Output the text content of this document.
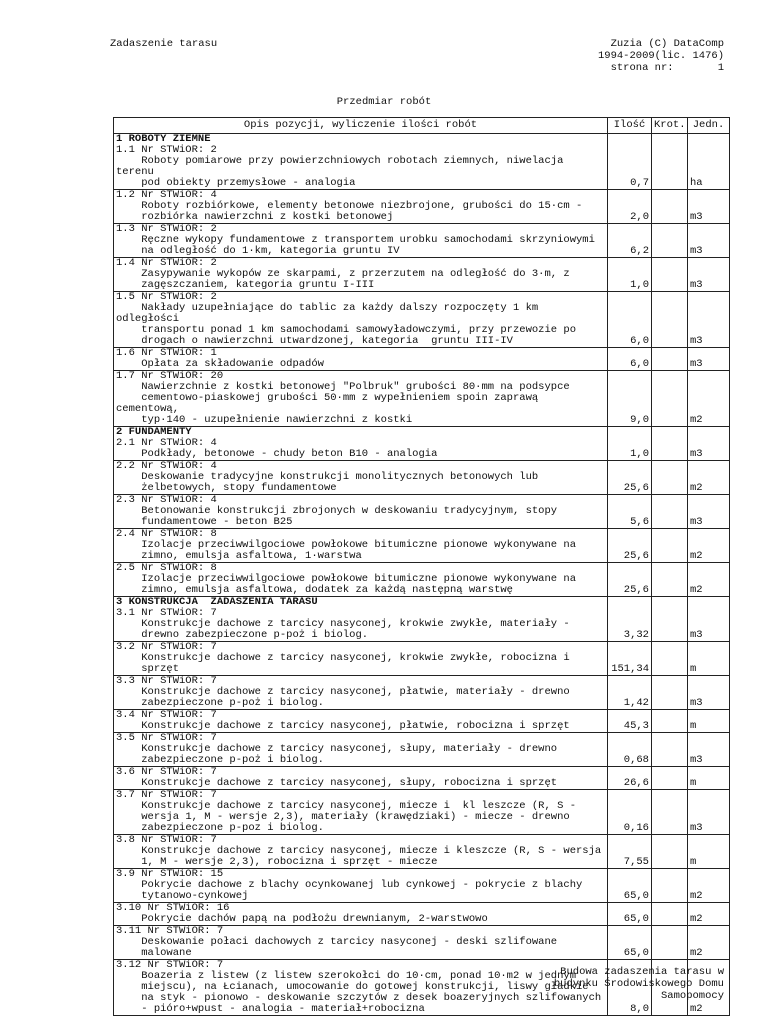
Zadaszenie tarasu	Zuzia (C) DataComp
1994-2009(lic. 1476)
strona nr:       1
Przedmiar robót
Opis pozycji, wyliczenie ilości robót	Ilość	Krot.	Jedn.
1 ROBOTY ZIEMNE			
1.1 Nr STWiOR: 2
Roboty pomiarowe przy powierzchniowych robotach ziemnych, niwelacja terenu
pod obiekty przemysłowe - analogia	0,7		ha
1.2 Nr STWiOR: 4
Roboty rozbiórkowe, elementy betonowe niezbrojone, grubości do 15·cm -
rozbiórka nawierzchni z kostki betonowej	2,0		m3
1.3 Nr STWiOR: 2
Ręczne wykopy fundamentowe z transportem urobku samochodami skrzyniowymi
na odległość do 1·km, kategoria gruntu IV	6,2		m3
1.4 Nr STWiOR: 2
Zasypywanie wykopów ze skarpami, z przerzutem na odległość do 3·m, z
zagęszczaniem, kategoria gruntu I-III	1,0		m3
1.5 Nr STWiOR: 2
Nakłady uzupełniające do tablic za każdy dalszy rozpoczęty 1 km odległości
transportu ponad 1 km samochodami samowyładowczymi, przy przewozie po
drogach o nawierzchni utwardzonej, kategoria  gruntu III-IV	6,0		m3
1.6 Nr STWiOR: 1
Opłata za składowanie odpadów	6,0		m3
1.7 Nr STWiOR: 20
Nawierzchnie z kostki betonowej "Polbruk" grubości 80·mm na podsypce
cementowo-piaskowej grubości 50·mm z wypełnieniem spoin zaprawą cementową,
typ·140 - uzupełnienie nawierzchni z kostki	9,0		m2
2 FUNDAMENTY			
2.1 Nr STWiOR: 4
Podkłady, betonowe - chudy beton B10 - analogia	1,0		m3
2.2 Nr STWiOR: 4
Deskowanie tradycyjne konstrukcji monolitycznych betonowych lub
żelbetowych, stopy fundamentowe	25,6		m2
2.3 Nr STWiOR: 4
Betonowanie konstrukcji zbrojonych w deskowaniu tradycyjnym, stopy
fundamentowe - beton B25	5,6		m3
2.4 Nr STWiOR: 8
Izolacje przeciwwilgociowe powłokowe bitumiczne pionowe wykonywane na
zimno, emulsja asfaltowa, 1·warstwa	25,6		m2
2.5 Nr STWiOR: 8
Izolacje przeciwwilgociowe powłokowe bitumiczne pionowe wykonywane na
zimno, emulsja asfaltowa, dodatek za każdą następną warstwę	25,6		m2
3 KONSTRUKCJA  ZADASZENIA TARASU			
3.1 Nr STWiOR: 7
Konstrukcje dachowe z tarcicy nasyconej, krokwie zwykłe, materiały -
drewno zabezpieczone p-poż i biolog.	3,32		m3
3.2 Nr STWiOR: 7
Konstrukcje dachowe z tarcicy nasyconej, krokwie zwykłe, robocizna i
sprzęt	151,34		m
3.3 Nr STWiOR: 7
Konstrukcje dachowe z tarcicy nasyconej, płatwie, materiały - drewno
zabezpieczone p-poż i biolog.	1,42		m3
3.4 Nr STWiOR: 7
Konstrukcje dachowe z tarcicy nasyconej, płatwie, robocizna i sprzęt	45,3		m
3.5 Nr STWiOR: 7
Konstrukcje dachowe z tarcicy nasyconej, słupy, materiały - drewno
zabezpieczone p-poż i biolog.	0,68		m3
3.6 Nr STWiOR: 7
Konstrukcje dachowe z tarcicy nasyconej, słupy, robocizna i sprzęt	26,6		m
3.7 Nr STWiOR: 7
Konstrukcje dachowe z tarcicy nasyconej, miecze i  kl leszcze (R, S -
wersja 1, M - wersje 2,3), materiały (krawędziaki) - miecze - drewno
zabezpieczone p-poz i biolog.	0,16		m3
3.8 Nr STWiOR: 7
Konstrukcje dachowe z tarcicy nasyconej, miecze i kleszcze (R, S - wersja
1, M - wersje 2,3), robocizna i sprzęt - miecze	7,55		m
3.9 Nr STWiOR: 15
Pokrycie dachowe z blachy ocynkowanej lub cynkowej - pokrycie z blachy
tytanowo-cynkowej	65,0		m2
3.10 Nr STWiOR: 16
Pokrycie dachów papą na podłożu drewnianym, 2-warstwowo	65,0		m2
3.11 Nr STWiOR: 7
Deskowanie połaci dachowych z tarcicy nasyconej - deski szlifowane
malowane	65,0		m2
3.12 Nr STWiOR: 7
Boazeria z listew (z listew szerokołci do 10·cm, ponad 10·m2 w jednym
miejscu), na Łcianach, umocowanie do gotowej konstrukcji, liswy gładkie
na styk - pionowo - deskowanie szczytów z desek boazeryjnych szlifowanych
- pióro+wpust - analogia - materiał+robocizna	8,0		m2
Budowa zadaszenia tarasu w
budynku Środowiskowego Domu
Samopomocy
